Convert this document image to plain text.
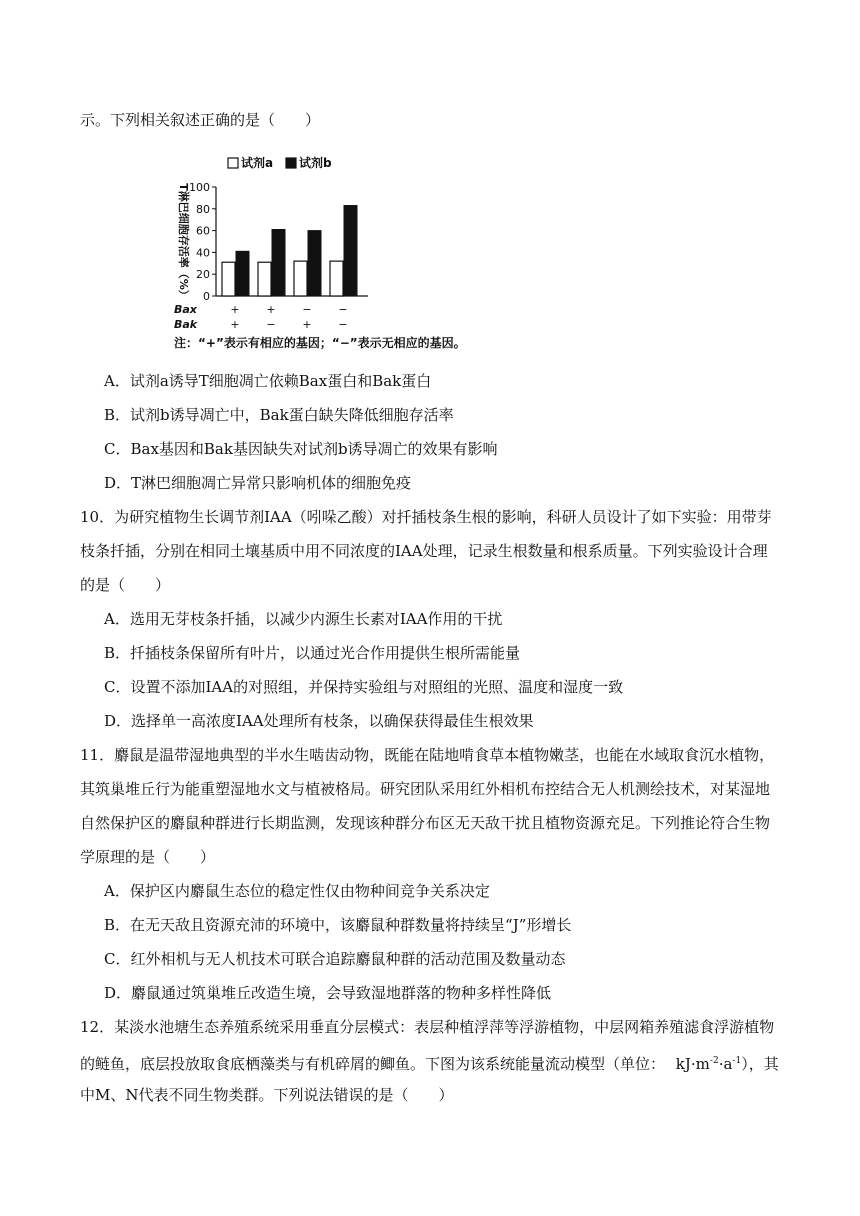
示。下列相关叙述正确的是（　　）
试剂a 试剂b
T淋巴细胞存活率（%） 100
80
60
40
20
0
Bax
Bak
+
+
+
−
−
+
−
−
注：“+”表示有相应的基因；“−”表示无相应的基因。
A．试剂a诱导T细胞凋亡依赖Bax蛋白和Bak蛋白
B．试剂b诱导凋亡中，Bak蛋白缺失降低细胞存活率
C．Bax基因和Bak基因缺失对试剂b诱导凋亡的效果有影响
D．T淋巴细胞凋亡异常只影响机体的细胞免疫
10．为研究植物生长调节剂IAA（吲哚乙酸）对扦插枝条生根的影响，科研人员设计了如下实验：用带芽
枝条扦插，分别在相同土壤基质中用不同浓度的IAA处理，记录生根数量和根系质量。下列实验设计合理
的是（　　）
A．选用无芽枝条扦插，以减少内源生长素对IAA作用的干扰
B．扦插枝条保留所有叶片，以通过光合作用提供生根所需能量
C．设置不添加IAA的对照组，并保持实验组与对照组的光照、温度和湿度一致
D．选择单一高浓度IAA处理所有枝条，以确保获得最佳生根效果
11．麝鼠是温带湿地典型的半水生啮齿动物，既能在陆地啃食草本植物嫩茎，也能在水域取食沉水植物，
其筑巢堆丘行为能重塑湿地水文与植被格局。研究团队采用红外相机布控结合无人机测绘技术，对某湿地
自然保护区的麝鼠种群进行长期监测，发现该种群分布区无天敌干扰且植物资源充足。下列推论符合生物
学原理的是（　　）
A．保护区内麝鼠生态位的稳定性仅由物种间竞争关系决定
B．在无天敌且资源充沛的环境中，该麝鼠种群数量将持续呈“J”形增长
C．红外相机与无人机技术可联合追踪麝鼠种群的活动范围及数量动态
D．麝鼠通过筑巢堆丘改造生境，会导致湿地群落的物种多样性降低
12．某淡水池塘生态养殖系统采用垂直分层模式：表层种植浮萍等浮游植物，中层网箱养殖滤食浮游植物
的鲢鱼，底层投放取食底栖藻类与有机碎屑的鲫鱼。下图为该系统能量流动模型（单位： $kJ\cdot m^{-2}\cdot a^{-1}$），其
中M、N代表不同生物类群。下列说法错误的是（　　）
